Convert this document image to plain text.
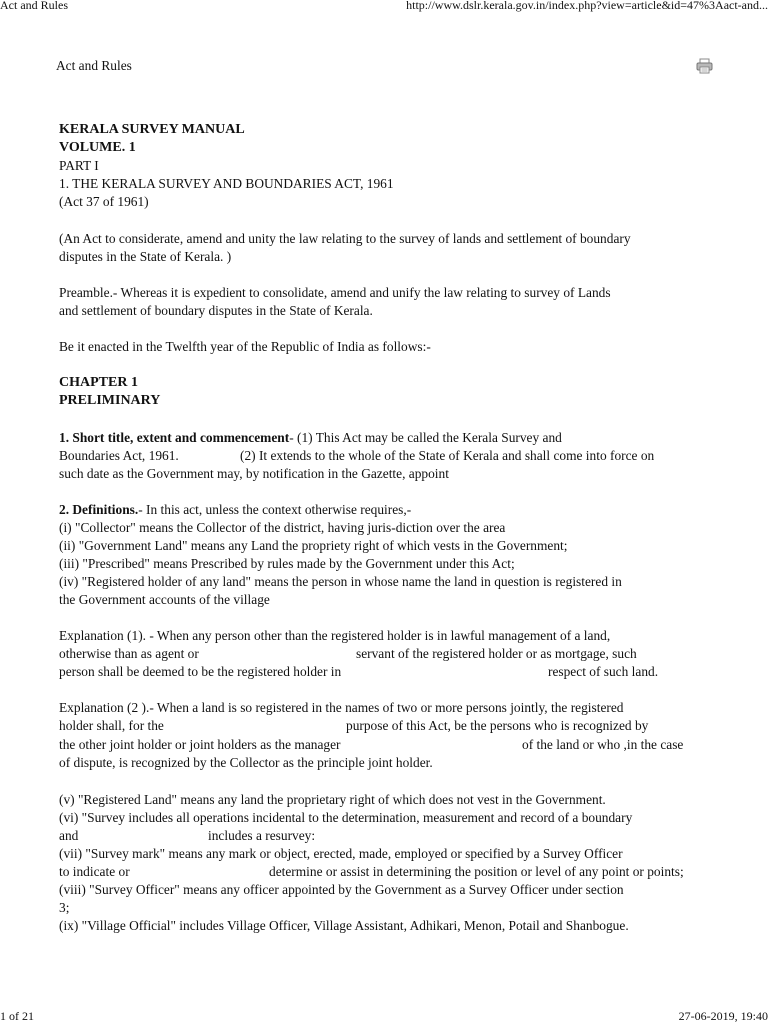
Act and Rules	http://www.dslr.kerala.gov.in/index.php?view=article&id=47%3Aact-and...
1 of 21	27-06-2019, 19:40
Act and Rules
KERALA SURVEY MANUAL
VOLUME. 1
PART I
1. THE KERALA SURVEY AND BOUNDARIES ACT, 1961
(Act 37 of 1961)
(An Act to considerate, amend and unity the law relating to the survey of lands and settlement of boundary
disputes in the State of Kerala. )
Preamble.- Whereas it is expedient to consolidate, amend and unify the law relating to survey of Lands
and settlement of boundary disputes in the State of Kerala.
Be it enacted in the Twelfth year of the Republic of India as follows:-
CHAPTER 1
PRELIMINARY
1. Short title, extent and commencement- (1) This Act may be called the Kerala Survey and
Boundaries Act, 1961.	(2) It extends to the whole of the State of Kerala and shall come into force on
such date as the Government may, by notification in the Gazette, appoint
2. Definitions.- In this act, unless the context otherwise requires,-
(i) "Collector" means the Collector of the district, having juris-diction over the area
(ii) "Government Land" means any Land the propriety right of which vests in the Government;
(iii) "Prescribed" means Prescribed by rules made by the Government under this Act;
(iv) "Registered holder of any land" means the person in whose name the land in question is registered in
the Government accounts of the village
Explanation (1). - When any person other than the registered holder is in lawful management of a land,
otherwise than as agent or	servant of the registered holder or as mortgage, such
person shall be deemed to be the registered holder in	respect of such land.
Explanation (2 ).- When a land is so registered in the names of two or more persons jointly, the registered
holder shall, for the	purpose of this Act, be the persons who is recognized by
the other joint holder or joint holders as the manager	of the land or who ,in the case
of dispute, is recognized by the Collector as the principle joint holder.
(v) "Registered Land" means any land the proprietary right of which does not vest in the Government.
(vi) "Survey includes all operations incidental to the determination, measurement and record of a boundary
and	includes a resurvey:
(vii) "Survey mark" means any mark or object, erected, made, employed or specified by a Survey Officer
to indicate or	determine or assist in determining the position or level of any point or points;
(viii) "Survey Officer" means any officer appointed by the Government as a Survey Officer under section
3;
(ix) "Village Official" includes Village Officer, Village Assistant, Adhikari, Menon, Potail and Shanbogue.
